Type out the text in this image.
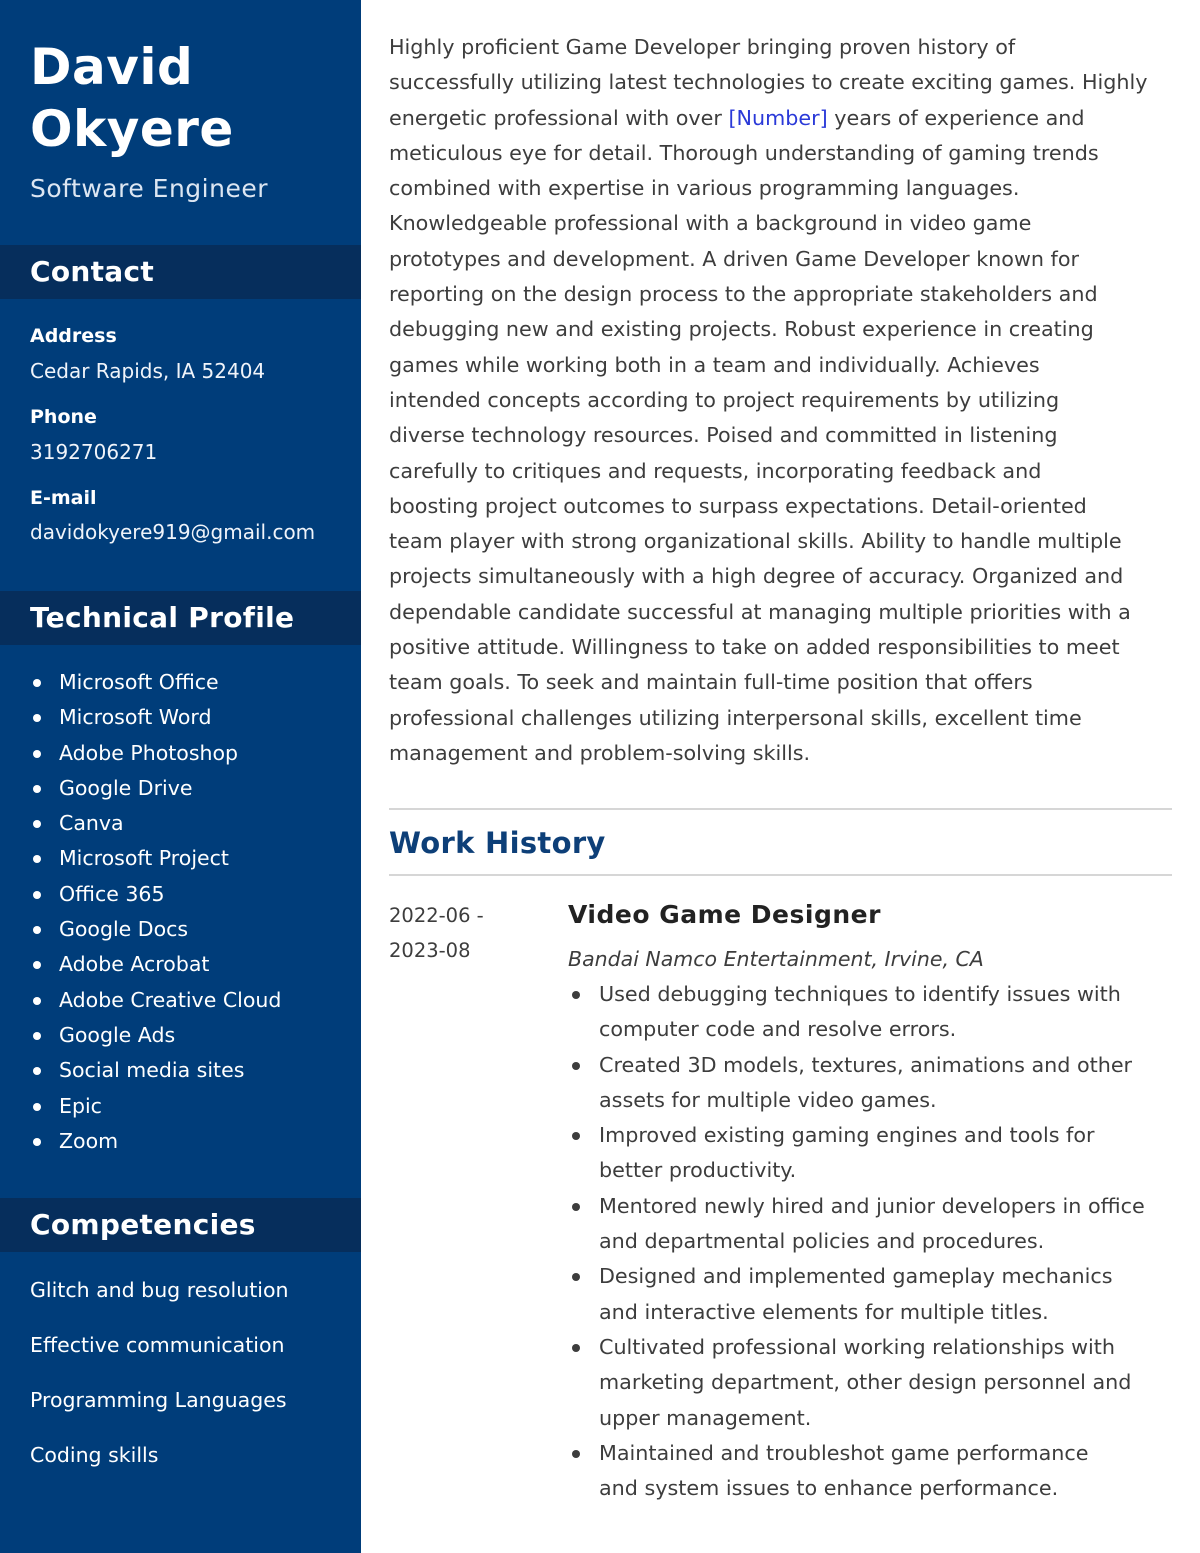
David
Okyere
Software Engineer
Contact
Address
Cedar Rapids, IA 52404
Phone
3192706271
E-mail
davidokyere919@gmail.com
Technical Profile
Microsoft Office
Microsoft Word
Adobe Photoshop
Google Drive
Canva
Microsoft Project
Office 365
Google Docs
Adobe Acrobat
Adobe Creative Cloud
Google Ads
Social media sites
Epic
Zoom
Competencies
Glitch and bug resolution
Effective communication
Programming Languages
Coding skills
Highly proficient Game Developer bringing proven history of
successfully utilizing latest technologies to create exciting games. Highly
energetic professional with over [Number] years of experience and
meticulous eye for detail. Thorough understanding of gaming trends
combined with expertise in various programming languages.
Knowledgeable professional with a background in video game
prototypes and development. A driven Game Developer known for
reporting on the design process to the appropriate stakeholders and
debugging new and existing projects. Robust experience in creating
games while working both in a team and individually. Achieves
intended concepts according to project requirements by utilizing
diverse technology resources. Poised and committed in listening
carefully to critiques and requests, incorporating feedback and
boosting project outcomes to surpass expectations. Detail-oriented
team player with strong organizational skills. Ability to handle multiple
projects simultaneously with a high degree of accuracy. Organized and
dependable candidate successful at managing multiple priorities with a
positive attitude. Willingness to take on added responsibilities to meet
team goals. To seek and maintain full-time position that offers
professional challenges utilizing interpersonal skills, excellent time
management and problem-solving skills.
Work History
2022-06 -
2023-08
Video Game Designer
Bandai Namco Entertainment, Irvine, CA
Used debugging techniques to identify issues with
computer code and resolve errors.
Created 3D models, textures, animations and other
assets for multiple video games.
Improved existing gaming engines and tools for
better productivity.
Mentored newly hired and junior developers in office
and departmental policies and procedures.
Designed and implemented gameplay mechanics
and interactive elements for multiple titles.
Cultivated professional working relationships with
marketing department, other design personnel and
upper management.
Maintained and troubleshot game performance
and system issues to enhance performance.
